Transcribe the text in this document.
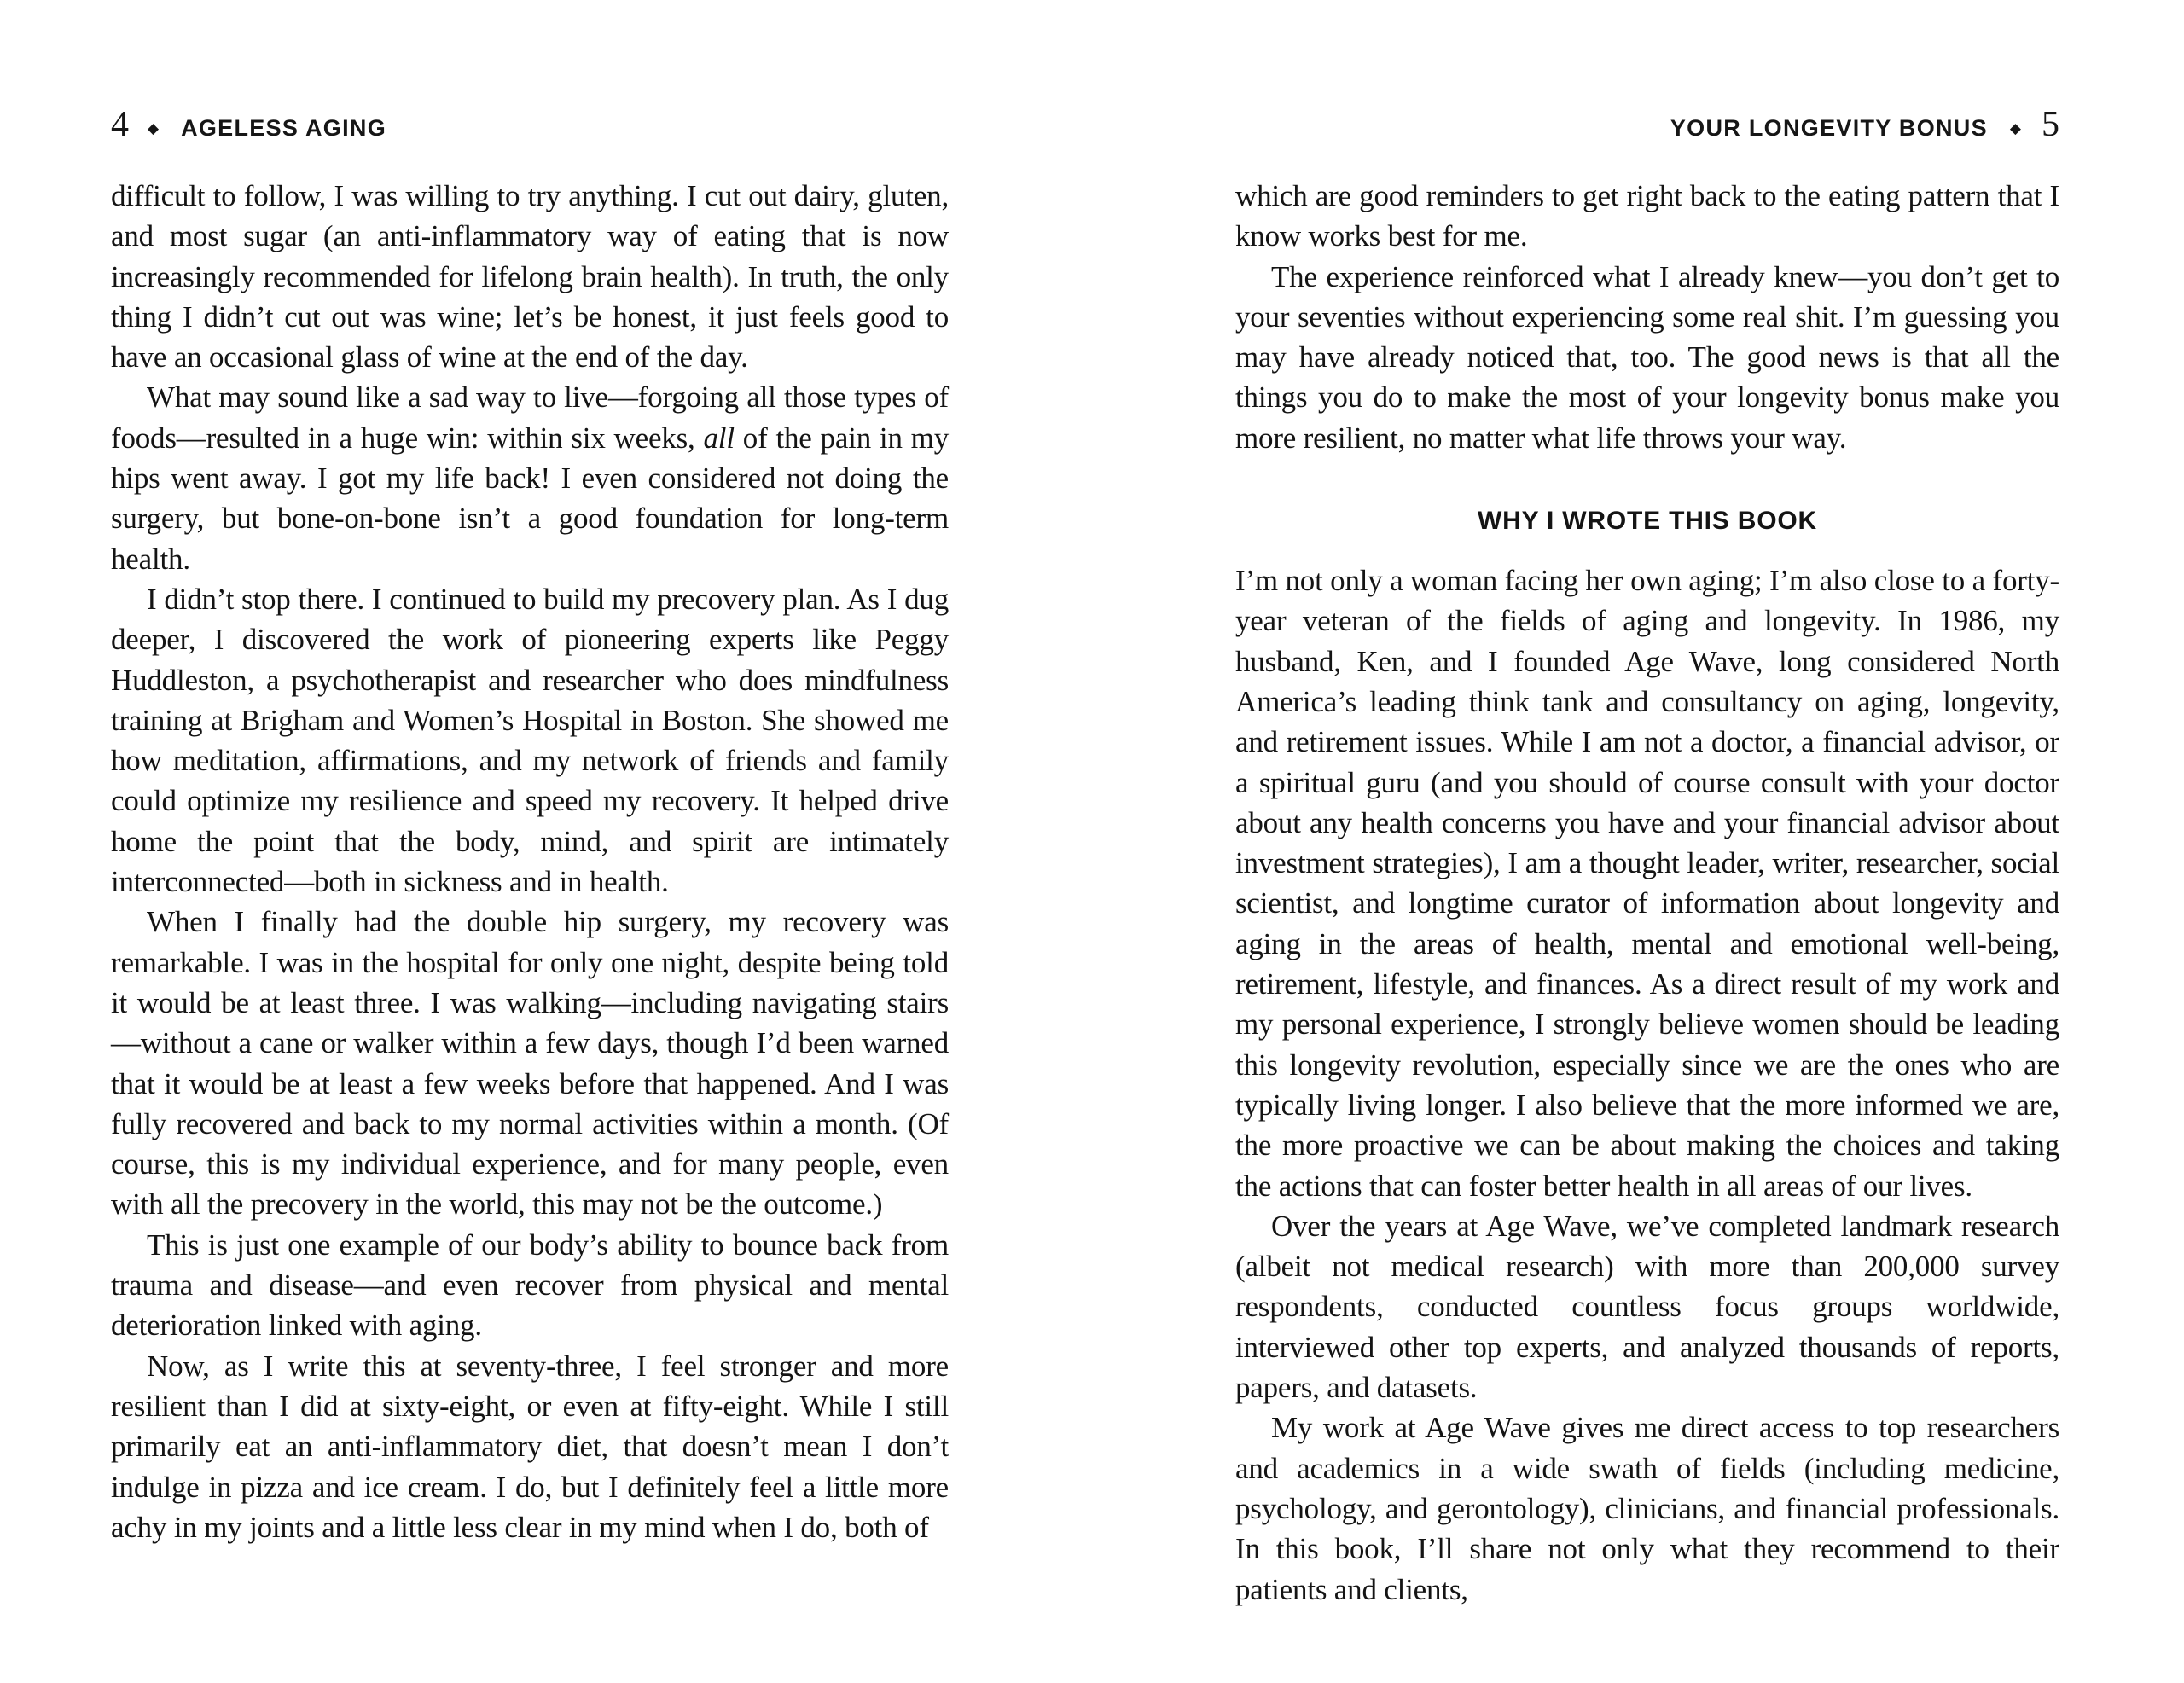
4 ◆ AGELESS AGING	YOUR LONGEVITY BONUS ◆ 5

difficult to follow, I was willing to try anything. I cut out dairy, gluten, and most sugar (an anti-inflammatory way of eating that is now increasingly recommended for lifelong brain health). In truth, the only thing I didn’t cut out was wine; let’s be honest, it just feels good to have an occasional glass of wine at the end of the day.

What may sound like a sad way to live—forgoing all those types of foods—resulted in a huge win: within six weeks, all of the pain in my hips went away. I got my life back! I even considered not doing the surgery, but bone-on-bone isn’t a good foundation for long-term health.

I didn’t stop there. I continued to build my precovery plan. As I dug deeper, I discovered the work of pioneering experts like Peggy Huddleston, a psychotherapist and researcher who does mindfulness training at Brigham and Women’s Hospital in Boston. She showed me how meditation, affirmations, and my network of friends and family could optimize my resilience and speed my recovery. It helped drive home the point that the body, mind, and spirit are intimately interconnected—both in sickness and in health.

When I finally had the double hip surgery, my recovery was remarkable. I was in the hospital for only one night, despite being told it would be at least three. I was walking—including navigating stairs—without a cane or walker within a few days, though I’d been warned that it would be at least a few weeks before that happened. And I was fully recovered and back to my normal activities within a month. (Of course, this is my individual experience, and for many people, even with all the precovery in the world, this may not be the outcome.)

This is just one example of our body’s ability to bounce back from trauma and disease—and even recover from physical and mental deterioration linked with aging.

Now, as I write this at seventy-three, I feel stronger and more resilient than I did at sixty-eight, or even at fifty-eight. While I still primarily eat an anti-inflammatory diet, that doesn’t mean I don’t indulge in pizza and ice cream. I do, but I definitely feel a little more achy in my joints and a little less clear in my mind when I do, both of

which are good reminders to get right back to the eating pattern that I know works best for me.

The experience reinforced what I already knew—you don’t get to your seventies without experiencing some real shit. I’m guessing you may have already noticed that, too. The good news is that all the things you do to make the most of your longevity bonus make you more resilient, no matter what life throws your way.

WHY I WROTE THIS BOOK

I’m not only a woman facing her own aging; I’m also close to a forty-year veteran of the fields of aging and longevity. In 1986, my husband, Ken, and I founded Age Wave, long considered North America’s leading think tank and consultancy on aging, longevity, and retirement issues. While I am not a doctor, a financial advisor, or a spiritual guru (and you should of course consult with your doctor about any health concerns you have and your financial advisor about investment strategies), I am a thought leader, writer, researcher, social scientist, and longtime curator of information about longevity and aging in the areas of health, mental and emotional well-being, retirement, lifestyle, and finances. As a direct result of my work and my personal experience, I strongly believe women should be leading this longevity revolution, especially since we are the ones who are typically living longer. I also believe that the more informed we are, the more proactive we can be about making the choices and taking the actions that can foster better health in all areas of our lives.

Over the years at Age Wave, we’ve completed landmark research (albeit not medical research) with more than 200,000 survey respondents, conducted countless focus groups worldwide, interviewed other top experts, and analyzed thousands of reports, papers, and datasets.

My work at Age Wave gives me direct access to top researchers and academics in a wide swath of fields (including medicine, psychology, and gerontology), clinicians, and financial professionals. In this book, I’ll share not only what they recommend to their patients and clients,
